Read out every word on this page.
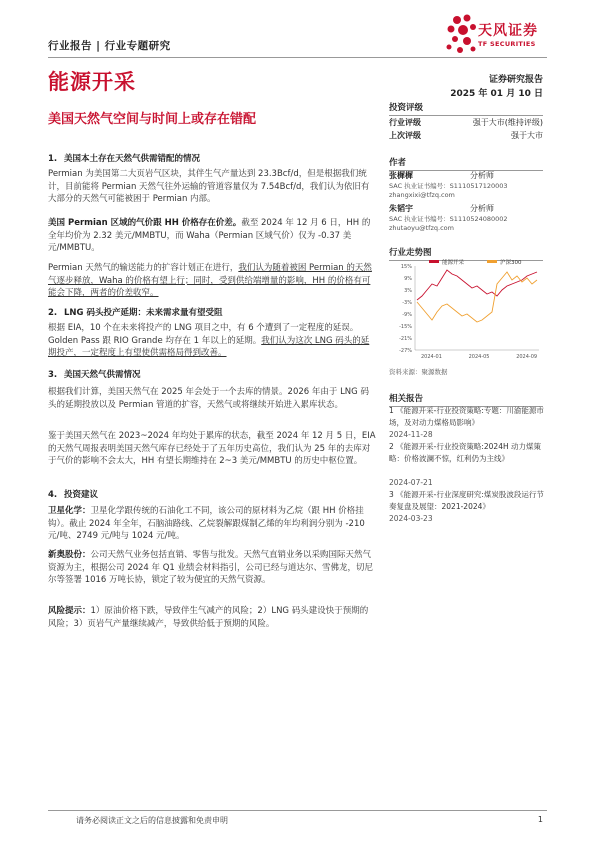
行业报告 | 行业专题研究
天风证券
TF SECURITIES
能源开采
美国天然气空间与时间上或存在错配
证券研究报告
2025 年 01 月 10 日
投资评级
行业评级	强于大市(维持评级)
上次评级	强于大市
作者
张樨樨	分析师
SAC 执业证书编号：S1110517120003
zhangxixi@tfzq.com
朱韬宇	分析师
SAC 执业证书编号：S1110524080002
zhutaoyu@tfzq.com
行业走势图
15%
9%
3%
-3%
-9%
-15%
-21%
-27%
2024-01	2024-05	2024-09
能源开采	沪深300
资料来源：聚源数据
相关报告
1 《能源开采-行业投资策略:专题：川渝能源市场，及对动力煤格局影响》
2024-11-28
2 《能源开采-行业投资策略:2024H 动力煤策略：价格波澜不惊，红利仍为主线》
2024-07-21
3 《能源开采-行业深度研究:煤炭股波段运行节奏复盘及展望：2021-2024》
2024-03-23
1. 美国本土存在天然气供需错配的情况
Permian 为美国第二大页岩气区块，其伴生气产量达到 23.3Bcf/d，但是根据我们统计，目前能将 Permian 天然气往外运输的管道容量仅为 7.54Bcf/d，我们认为依旧有大部分的天然气可能被困于 Permian 内部。
美国 Permian 区域的气价跟 HH 价格存在价差。截至 2024 年 12 月 6 日，HH 的全年均价为 2.32 美元/MMBTU，而 Waha（Permian 区域气价）仅为 -0.37 美元/MMBTU。
Permian 天然气的输送能力的扩容计划正在进行，我们认为随着被困 Permian 的天然气逐步释放，Waha 的价格有望上行；同时，受到供给端增量的影响，HH 的价格有可能会下降，两者的价差收窄。
2. LNG 码头投产延期：未来需求量有望受阻
根据 EIA，10 个在未来将投产的 LNG 项目之中，有 6 个遭到了一定程度的延误。Golden Pass 跟 RIO Grande 均存在 1 年以上的延期。我们认为这次 LNG 码头的延期投产，一定程度上有望使供需格局得到改善。
3. 美国天然气供需情况
根据我们计算，美国天然气在 2025 年会处于一个去库的情景。2026 年由于 LNG 码头的延期投放以及 Permian 管道的扩容，天然气或将继续开始进入累库状态。
鉴于美国天然气在 2023~2024 年均处于累库的状态，截至 2024 年 12 月 5 日，EIA 的天然气周报表明美国天然气库存已经处于了五年历史高位，我们认为 25 年的去库对于气价的影响不会太大，HH 有望长期维持在 2~3 美元/MMBTU 的历史中枢位置。
4. 投资建议
卫星化学：卫星化学跟传统的石油化工不同，该公司的原材料为乙烷（跟 HH 价格挂钩）。截止 2024 年全年，石脑油路线、乙烷裂解跟煤制乙烯的年均利润分别为 -210 元/吨、2749 元/吨与 1024 元/吨。
新奥股份：公司天然气业务包括直销、零售与批发。天然气直销业务以采购国际天然气资源为主，根据公司 2024 年 Q1 业绩会材料指引，公司已经与道达尔、雪佛龙，切尼尔等签署 1016 万吨长协，锁定了较为便宜的天然气资源。
风险提示：1）原油价格下跌，导致伴生气减产的风险；2）LNG 码头建设快于预期的风险；3）页岩气产量继续减产，导致供给低于预期的风险。
请务必阅读正文之后的信息披露和免责申明	1
